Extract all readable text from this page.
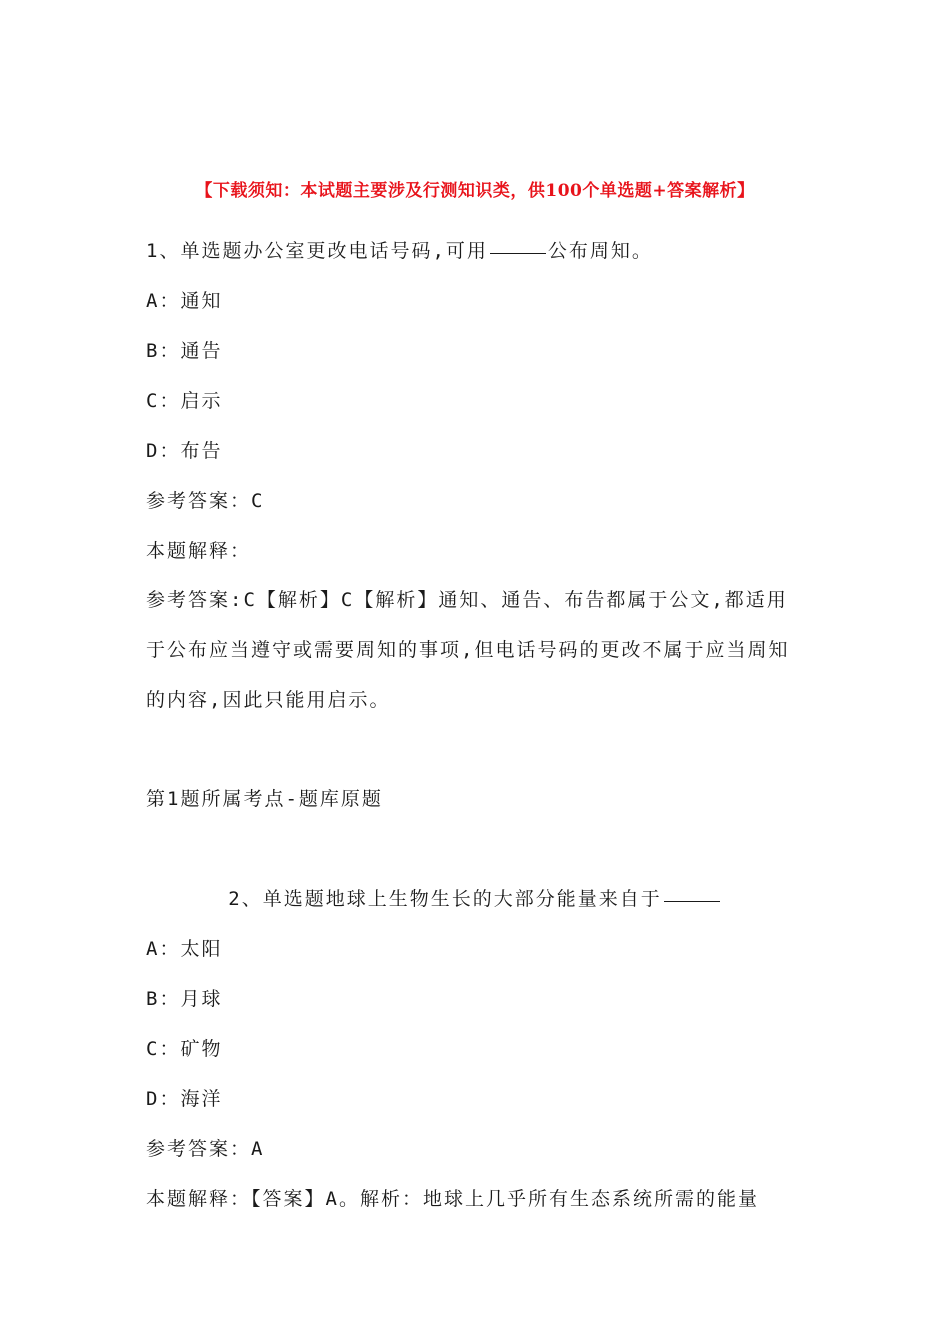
【下载须知：本试题主要涉及行测知识类，供100个单选题+答案解析】
1、单选题办公室更改电话号码,可用	公布周知。
A：通知
B：通告
C：启示
D：布告
参考答案：C
本题解释：
参考答案:C【解析】C【解析】通知、通告、布告都属于公文,都适用于公布应当遵守或需要周知的事项,但电话号码的更改不属于应当周知的内容,因此只能用启示。
第1题所属考点-题库原题
2、单选题地球上生物生长的大部分能量来自于
A：太阳
B：月球
C：矿物
D：海洋
参考答案：A
本题解释：【答案】A。解析：地球上几乎所有生态系统所需的能量
